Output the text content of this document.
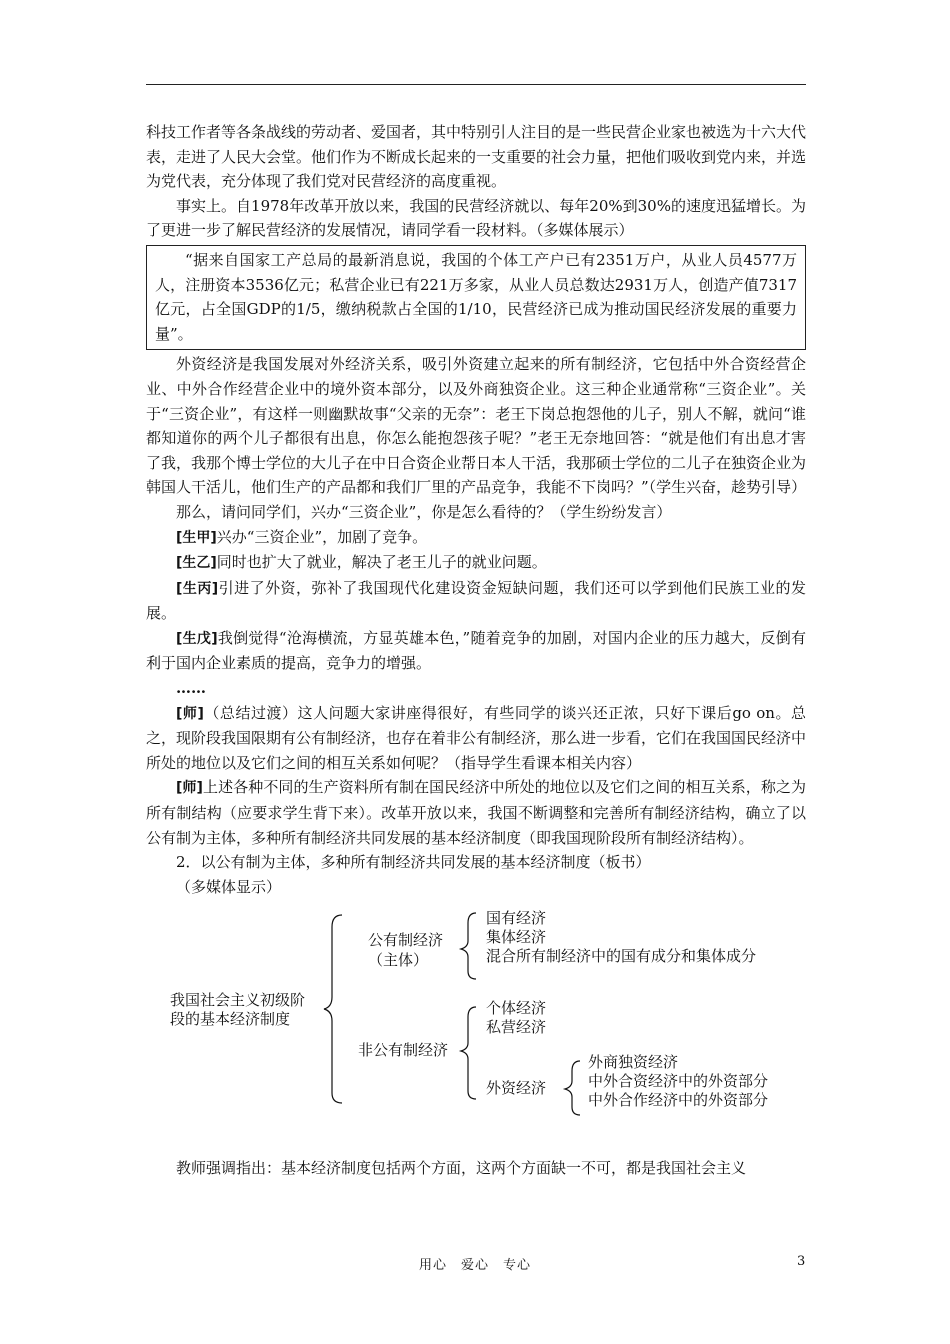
科技工作者等各条战线的劳动者、爱国者，其中特别引人注目的是一些民营企业家也被选为十六大代表，走进了人民大会堂。他们作为不断成长起来的一支重要的社会力量，把他们吸收到党内来，并选为党代表，充分体现了我们党对民营经济的高度重视。

事实上。自1978年改革开放以来，我国的民营经济就以、每年20%到30%的速度迅猛增长。为了更进一步了解民营经济的发展情况，请同学看一段材料。（多媒体展示）

“据来自国家工产总局的最新消息说，我国的个体工产户已有2351万户，从业人员4577万人，注册资本3536亿元；私营企业已有221万多家，从业人员总数达2931万人，创造产值7317亿元，占全国GDP的1/5，缴纳税款占全国的1/10，民营经济已成为推动国民经济发展的重要力量”。

外资经济是我国发展对外经济关系，吸引外资建立起来的所有制经济，它包括中外合资经营企业、中外合作经营企业中的境外资本部分，以及外商独资企业。这三种企业通常称“三资企业”。关于“三资企业”，有这样一则幽默故事“父亲的无奈”：老王下岗总抱怨他的儿子，别人不解，就问“谁都知道你的两个儿子都很有出息，你怎么能抱怨孩子呢？”老王无奈地回答：“就是他们有出息才害了我，我那个博士学位的大儿子在中日合资企业帮日本人干活，我那硕士学位的二儿子在独资企业为韩国人干活儿，他们生产的产品都和我们厂里的产品竞争，我能不下岗吗？”（学生兴奋，趁势引导）

那么，请问同学们，兴办“三资企业”，你是怎么看待的？（学生纷纷发言）

[生甲]兴办“三资企业”，加剧了竞争。

[生乙]同时也扩大了就业，解决了老王儿子的就业问题。

[生丙]引进了外资，弥补了我国现代化建设资金短缺问题，我们还可以学到他们民族工业的发展。

[生戊]我倒觉得“沧海横流，方显英雄本色，”随着竞争的加剧，对国内企业的压力越大，反倒有利于国内企业素质的提高，竞争力的增强。

……

[师]（总结过渡）这人问题大家讲座得很好，有些同学的谈兴还正浓，只好下课后go on。总之，现阶段我国限期有公有制经济，也存在着非公有制经济，那么进一步看，它们在我国国民经济中所处的地位以及它们之间的相互关系如何呢？（指导学生看课本相关内容）

[师]上述各种不同的生产资料所有制在国民经济中所处的地位以及它们之间的相互关系，称之为所有制结构（应要求学生背下来）。改革开放以来，我国不断调整和完善所有制经济结构，确立了以公有制为主体，多种所有制经济共同发展的基本经济制度（即我国现阶段所有制经济结构）。

2．以公有制为主体，多种所有制经济共同发展的基本经济制度（板书）

（多媒体显示）

我国社会主义初级阶
段的基本经济制度
公有制经济
（主体）
国有经济
集体经济
混合所有制经济中的国有成分和集体成分
非公有制经济
个体经济
私营经济
外资经济
外商独资经济
中外合资经济中的外资部分
中外合作经济中的外资部分

教师强调指出：基本经济制度包括两个方面，这两个方面缺一不可，都是我国社会主义

用心　爱心　专心	3
